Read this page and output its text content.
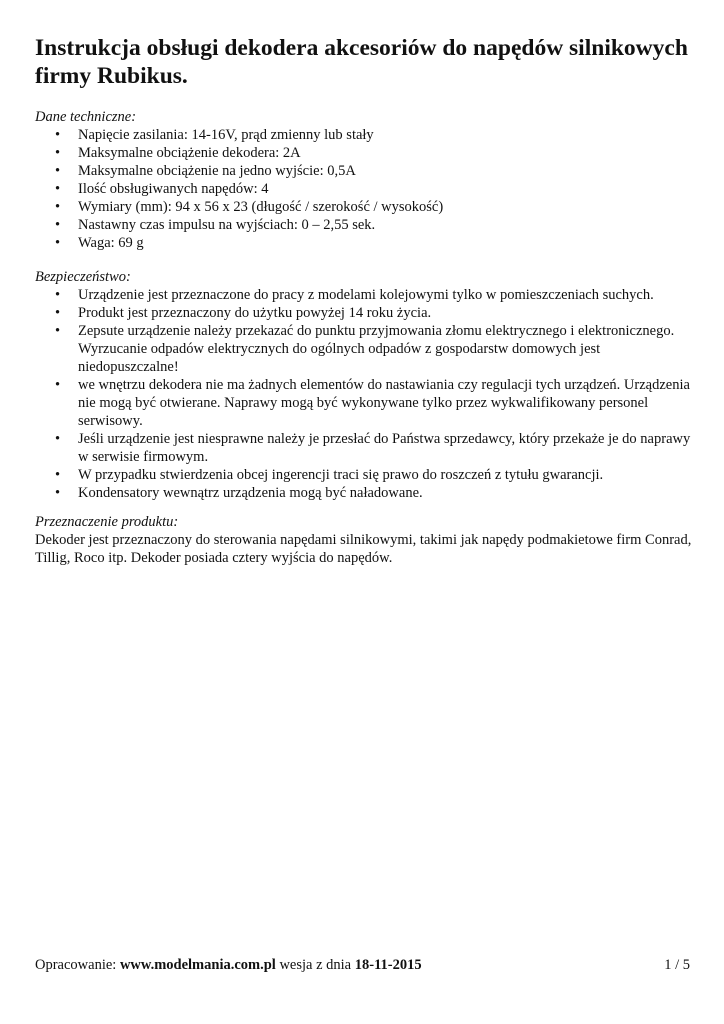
Instrukcja obsługi dekodera akcesoriów do napędów silnikowych firmy Rubikus.

Dane techniczne:

• Napięcie zasilania: 14-16V, prąd zmienny lub stały
• Maksymalne obciążenie dekodera: 2A
• Maksymalne obciążenie na jedno wyjście: 0,5A
• Ilość obsługiwanych napędów: 4
• Wymiary (mm): 94 x 56 x 23 (długość / szerokość / wysokość)
• Nastawny czas impulsu na wyjściach: 0 – 2,55 sek.
• Waga: 69 g

Bezpieczeństwo:

• Urządzenie jest przeznaczone do pracy z modelami kolejowymi tylko w pomieszczeniach suchych.
• Produkt jest przeznaczony do użytku powyżej 14 roku życia.
• Zepsute urządzenie należy przekazać do punktu przyjmowania złomu elektrycznego i elektronicznego. Wyrzucanie odpadów elektrycznych do ogólnych odpadów z gospodarstw domowych jest niedopuszczalne!
• we wnętrzu dekodera nie ma żadnych elementów do nastawiania czy regulacji tych urządzeń. Urządzenia nie mogą być otwierane. Naprawy mogą być wykonywane tylko przez wykwalifikowany personel serwisowy.
• Jeśli urządzenie jest niesprawne należy je przesłać do Państwa sprzedawcy, który przekaże je do naprawy w serwisie firmowym.
• W przypadku stwierdzenia obcej ingerencji traci się prawo do roszczeń z tytułu gwarancji.
• Kondensatory wewnątrz urządzenia mogą być naładowane.

Przeznaczenie produktu:

Dekoder jest przeznaczony do sterowania napędami silnikowymi, takimi jak napędy podmakietowe firm Conrad, Tillig, Roco itp. Dekoder posiada cztery wyjścia do napędów.

Opracowanie: www.modelmania.com.pl wesja z dnia 18-11-2015	1 / 5
